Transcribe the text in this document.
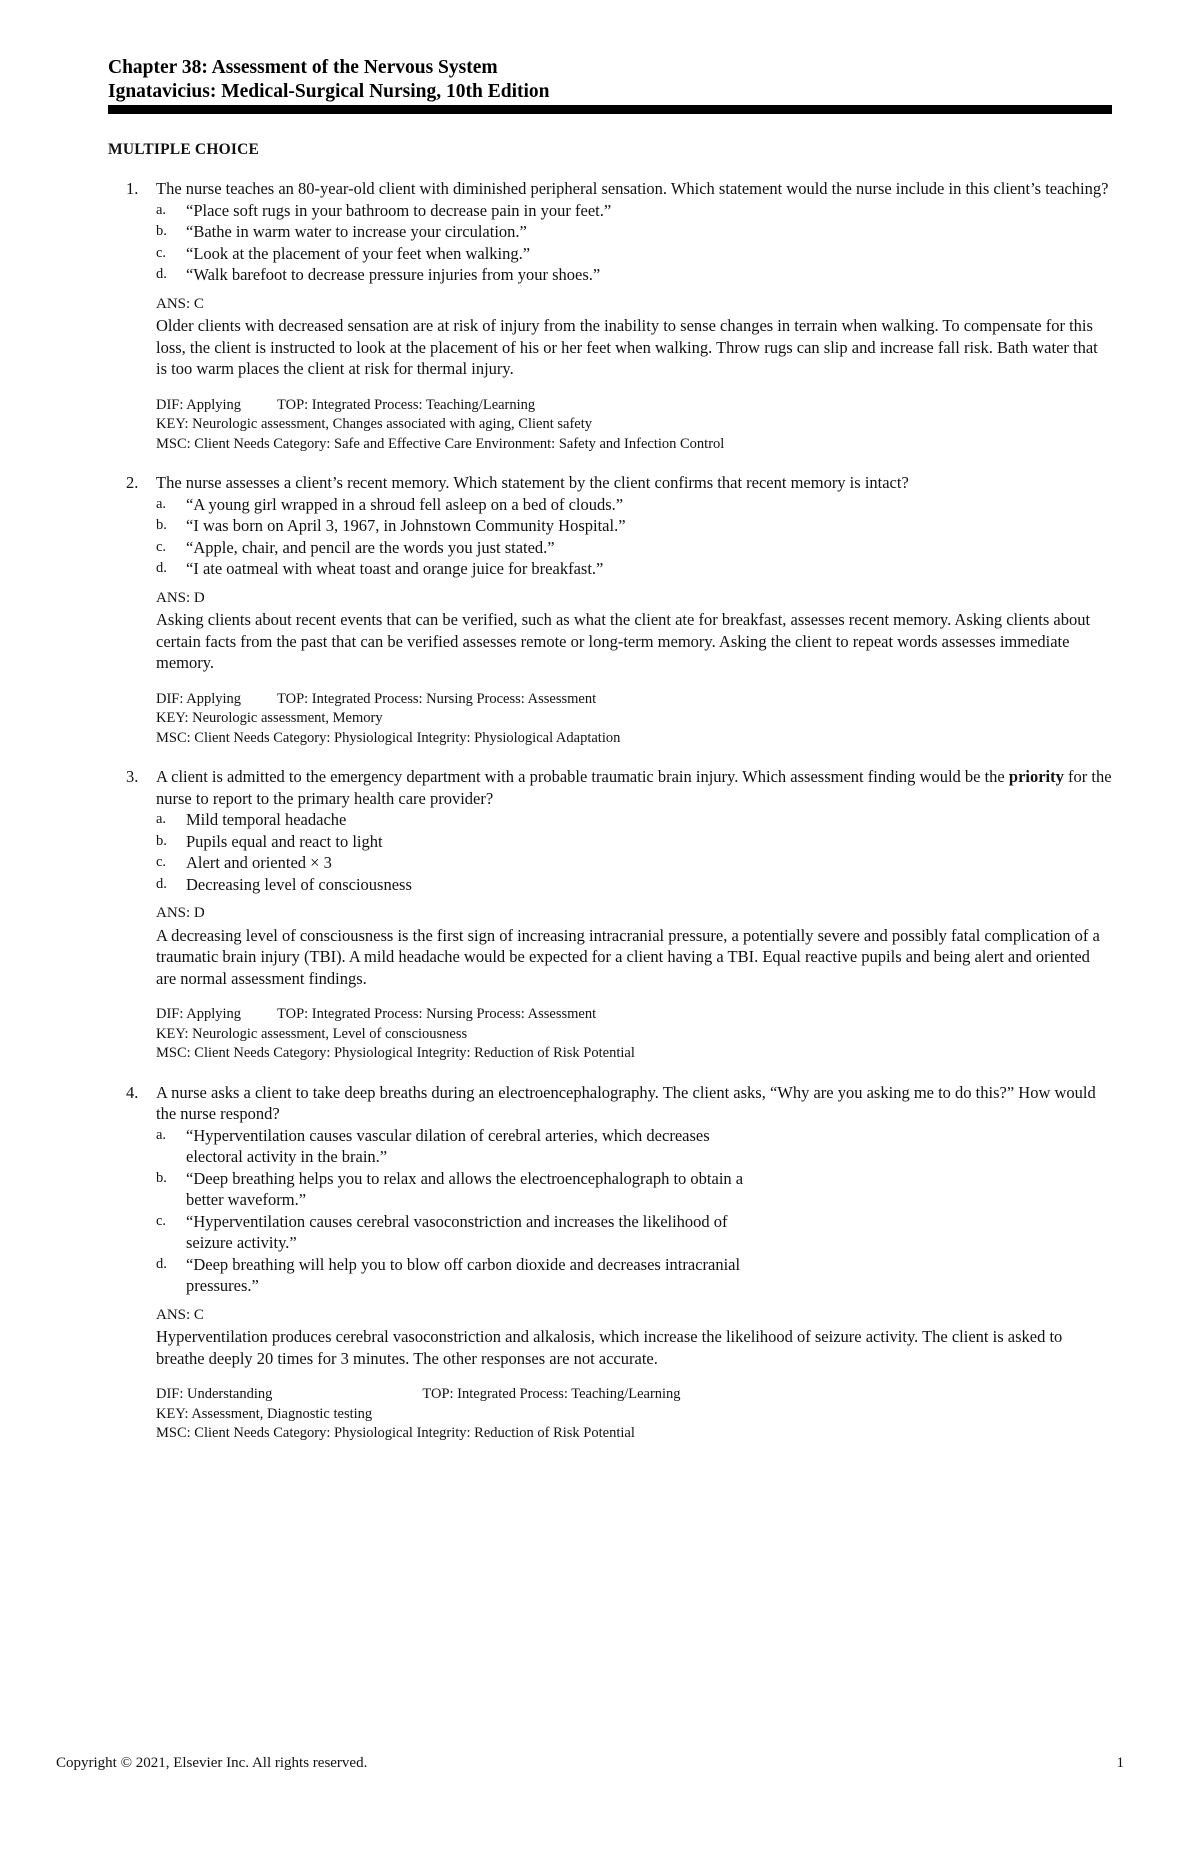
Chapter 38: Assessment of the Nervous System
Ignatavicius: Medical-Surgical Nursing, 10th Edition
MULTIPLE CHOICE
1. The nurse teaches an 80-year-old client with diminished peripheral sensation. Which statement would the nurse include in this client’s teaching?

a. “Place soft rugs in your bathroom to decrease pain in your feet.”
b. “Bathe in warm water to increase your circulation.”
c. “Look at the placement of your feet when walking.”
d. “Walk barefoot to decrease pressure injuries from your shoes.”
ANS: C

Older clients with decreased sensation are at risk of injury from the inability to sense changes in terrain when walking. To compensate for this loss, the client is instructed to look at the placement of his or her feet when walking. Throw rugs can slip and increase fall risk. Bath water that is too warm places the client at risk for thermal injury.

DIF: Applying TOP: Integrated Process: Teaching/Learning
KEY: Neurologic assessment, Changes associated with aging, Client safety
MSC: Client Needs Category: Safe and Effective Care Environment: Safety and Infection Control
2. The nurse assesses a client’s recent memory. Which statement by the client confirms that recent memory is intact?

a. “A young girl wrapped in a shroud fell asleep on a bed of clouds.”
b. “I was born on April 3, 1967, in Johnstown Community Hospital.”
c. “Apple, chair, and pencil are the words you just stated.”
d. “I ate oatmeal with wheat toast and orange juice for breakfast.”
ANS: D

Asking clients about recent events that can be verified, such as what the client ate for breakfast, assesses recent memory. Asking clients about certain facts from the past that can be verified assesses remote or long-term memory. Asking the client to repeat words assesses immediate memory.

DIF: Applying TOP: Integrated Process: Nursing Process: Assessment
KEY: Neurologic assessment, Memory
MSC: Client Needs Category: Physiological Integrity: Physiological Adaptation
3. A client is admitted to the emergency department with a probable traumatic brain injury. Which assessment finding would be the priority for the nurse to report to the primary health care provider?

a. Mild temporal headache
b. Pupils equal and react to light
c. Alert and oriented × 3
d. Decreasing level of consciousness
ANS: D

A decreasing level of consciousness is the first sign of increasing intracranial pressure, a potentially severe and possibly fatal complication of a traumatic brain injury (TBI). A mild headache would be expected for a client having a TBI. Equal reactive pupils and being alert and oriented are normal assessment findings.

DIF: Applying TOP: Integrated Process: Nursing Process: Assessment
KEY: Neurologic assessment, Level of consciousness
MSC: Client Needs Category: Physiological Integrity: Reduction of Risk Potential
4. A nurse asks a client to take deep breaths during an electroencephalography. The client asks, “Why are you asking me to do this?” How would the nurse respond?

a. “Hyperventilation causes vascular dilation of cerebral arteries, which decreases electoral activity in the brain.”
b. “Deep breathing helps you to relax and allows the electroencephalograph to obtain a better waveform.”
c. “Hyperventilation causes cerebral vasoconstriction and increases the likelihood of seizure activity.”
d. “Deep breathing will help you to blow off carbon dioxide and decreases intracranial pressures.”
ANS: C

Hyperventilation produces cerebral vasoconstriction and alkalosis, which increase the likelihood of seizure activity. The client is asked to breathe deeply 20 times for 3 minutes. The other responses are not accurate.

DIF: Understanding	TOP: Integrated Process: Teaching/Learning
KEY: Assessment, Diagnostic testing
MSC: Client Needs Category: Physiological Integrity: Reduction of Risk Potential
Copyright © 2021, Elsevier Inc. All rights reserved.	1
